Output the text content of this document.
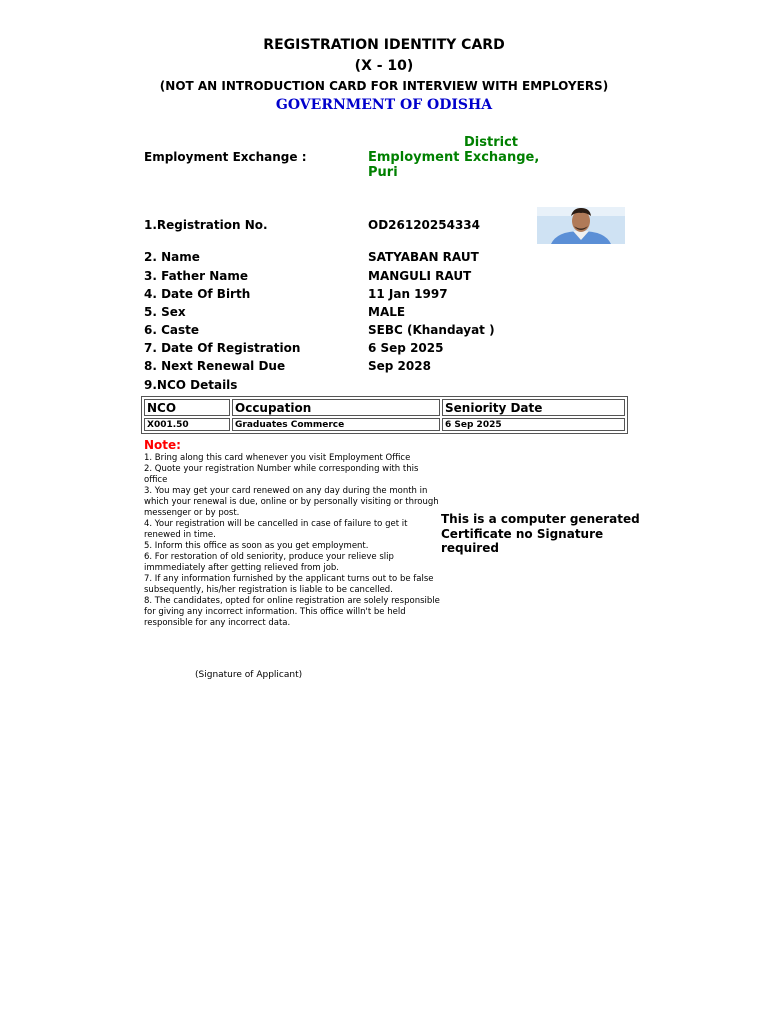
REGISTRATION IDENTITY CARD
(X - 10)
(NOT AN INTRODUCTION CARD FOR INTERVIEW WITH EMPLOYERS)
GOVERNMENT OF ODISHA
Employment Exchange :
District
Employment Exchange,
Puri
1.Registration No.	OD26120254334
2. Name	SATYABAN RAUT
3. Father Name	MANGULI RAUT
4. Date Of Birth	11 Jan 1997
5. Sex	MALE
6. Caste	SEBC (Khandayat )
7. Date Of Registration	6 Sep 2025
8. Next Renewal Due	Sep 2028
9.NCO Details
NCO	Occupation	Seniority Date
X001.50	Graduates Commerce	6 Sep 2025
Note:
1. Bring along this card whenever you visit Employment Office
2. Quote your registration Number while corresponding with this office
3. You may get your card renewed on any day during the month in which your renewal is due, online or by personally visiting or through messenger or by post.
4. Your registration will be cancelled in case of failure to get it renewed in time.
5. Inform this office as soon as you get employment.
6. For restoration of old seniority, produce your relieve slip immmediately after getting relieved from job.
7. If any information furnished by the applicant turns out to be false subsequently, his/her registration is liable to be cancelled.
8. The candidates, opted for online registration are solely responsible for giving any incorrect information. This office willn't be held responsible for any incorrect data.
This is a computer generated Certificate no Signature required
(Signature of Applicant)
